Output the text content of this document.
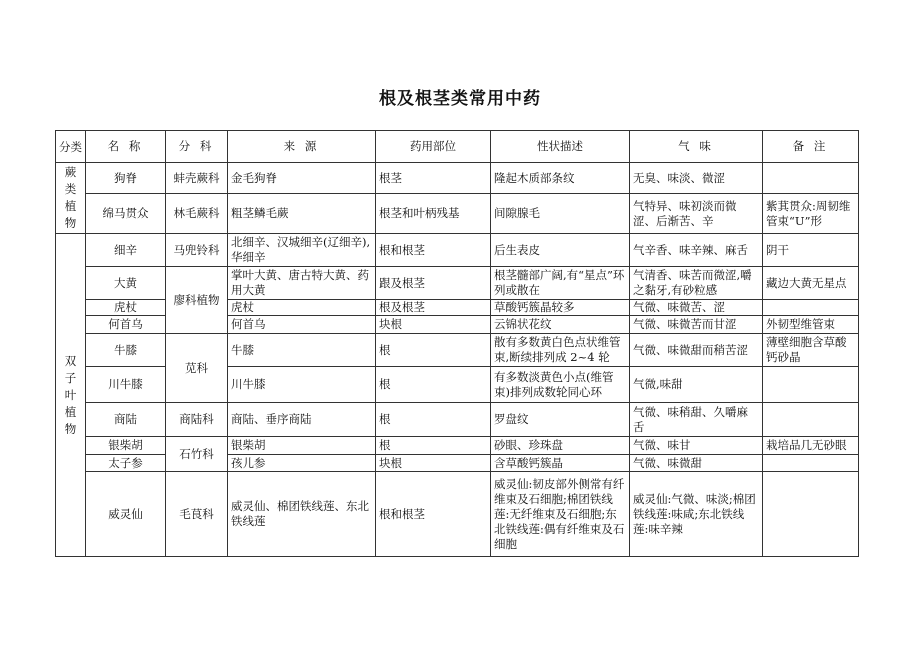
根及根茎类常用中药
分类	名 称	分 科	来 源	药用部位	性状描述	气 味	备 注

蕨类植物	狗脊	蚌壳蕨科	金毛狗脊	根茎	隆起木质部条纹	无臭、味淡、微涩	
	绵马贯众	林毛蕨科	粗茎鳞毛蕨	根茎和叶柄残基	间隙腺毛	气特异、味初淡而微涩、后渐苦、辛	紫萁贯众:周韧维管束“U”形

双子叶植物	细辛	马兜铃科	北细辛、汉城细辛(辽细辛),华细辛	根和根茎	后生表皮	气辛香、味辛辣、麻舌	阴干
	大黄	廖科植物	掌叶大黄、唐古特大黄、药用大黄	跟及根茎	根茎髓部广阔,有“星点”环列或散在	气清香、味苦而微涩,嚼之黏牙,有砂粒感	藏边大黄无星点
	虎杖		虎杖	根及根茎	草酸钙簇晶较多	气微、味微苦、涩	
	何首乌		何首乌	块根	云锦状花纹	气微、味微苦而甘涩	外韧型维管束
	牛膝	苋科	牛膝	根	散有多数黄白色点状维管束,断续排列成 2~4 轮	气微、味微甜而稍苦涩	薄壁细胞含草酸钙砂晶
	川牛膝		川牛膝	根	有多数淡黄色小点(维管束)排列成数轮同心环	气微,味甜	
	商陆	商陆科	商陆、垂序商陆	根	罗盘纹	气微、味稍甜、久嚼麻舌	
	银柴胡	石竹科	银柴胡	根	砂眼、珍珠盘	气微、味甘	栽培品几无砂眼
	太子参		孩儿参	块根	含草酸钙簇晶	气微、味微甜	
	威灵仙	毛茛科	威灵仙、棉团铁线莲、东北铁线莲	根和根茎	威灵仙:韧皮部外侧常有纤维束及石细胞;棉团铁线莲:无纤维束及石细胞;东北铁线莲:偶有纤维束及石细胞	威灵仙:气微、味淡;棉团铁线莲:味咸;东北铁线莲:味辛辣	
